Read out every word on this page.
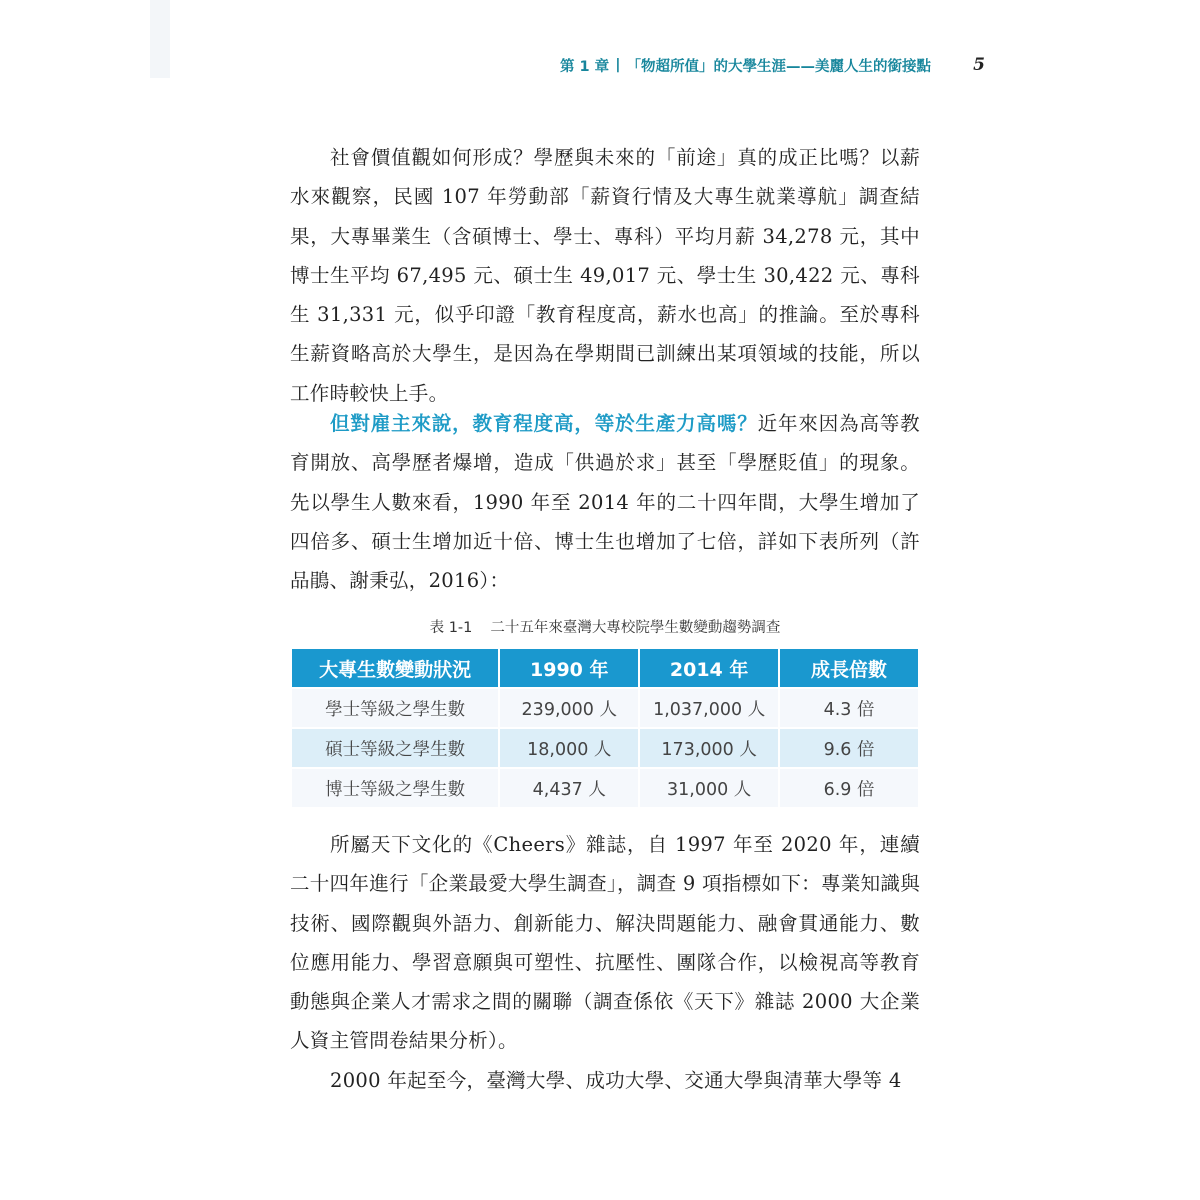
第 1 章 | 「物超所值」的大學生涯——美麗人生的銜接點 5

社會價值觀如何形成？學歷與未來的「前途」真的成正比嗎？以薪水來觀察，民國 107 年勞動部「薪資行情及大專生就業導航」調查結果，大專畢業生（含碩博士、學士、專科）平均月薪 34,278 元，其中博士生平均 67,495 元、碩士生 49,017 元、學士生 30,422 元、專科生 31,331 元，似乎印證「教育程度高，薪水也高」的推論。至於專科生薪資略高於大學生，是因為在學期間已訓練出某項領域的技能，所以工作時較快上手。

但對雇主來說，教育程度高，等於生產力高嗎？近年來因為高等教育開放、高學歷者爆增，造成「供過於求」甚至「學歷貶值」的現象。先以學生人數來看，1990 年至 2014 年的二十四年間，大學生增加了四倍多、碩士生增加近十倍、博士生也增加了七倍，詳如下表所列（許品鵑、謝秉弘，2016）：

表 1-1 二十五年來臺灣大專校院學生數變動趨勢調查
大專生數變動狀況	1990 年	2014 年	成長倍數
學士等級之學生數	239,000 人	1,037,000 人	4.3 倍
碩士等級之學生數	18,000 人	173,000 人	9.6 倍
博士等級之學生數	4,437 人	31,000 人	6.9 倍

所屬天下文化的《Cheers》雜誌，自 1997 年至 2020 年，連續二十四年進行「企業最愛大學生調查」，調查 9 項指標如下：專業知識與技術、國際觀與外語力、創新能力、解決問題能力、融會貫通能力、數位應用能力、學習意願與可塑性、抗壓性、團隊合作，以檢視高等教育動態與企業人才需求之間的關聯（調查係依《天下》雜誌 2000 大企業人資主管問卷結果分析）。

2000 年起至今，臺灣大學、成功大學、交通大學與清華大學等 4
